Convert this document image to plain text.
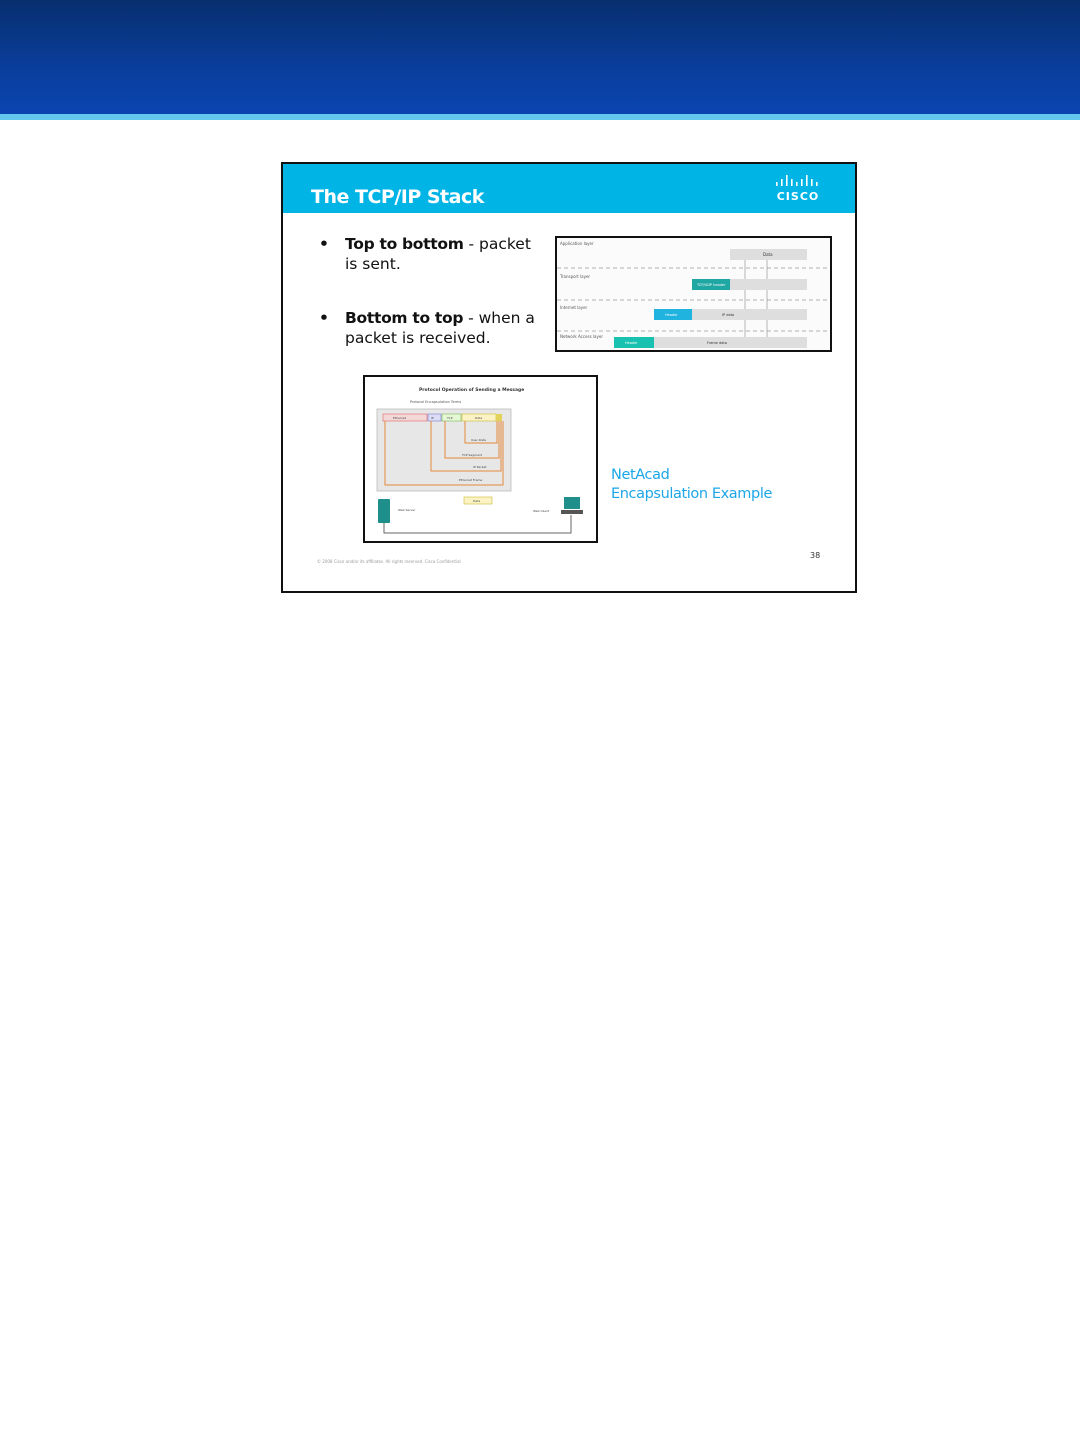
The TCP/IP Stack	CISCO
• Top to bottom - packet is sent.
• Bottom to top - when a packet is received.
Application layer
Transport layer
Internet layer
Network Access layer
Data
TCP/UDP header
Header	IP data
Header	Frame data
Protocol Operation of Sending a Message
Protocol Encapsulation Terms
Ethernet	IP	TCP	Data
User Data
TCP Segment
IP Packet
Ethernet Frame
Data
Web Server	Web Client
NetAcad
Encapsulation Example
© 2008 Cisco and/or its affiliates. All rights reserved. Cisco Confidential
38
